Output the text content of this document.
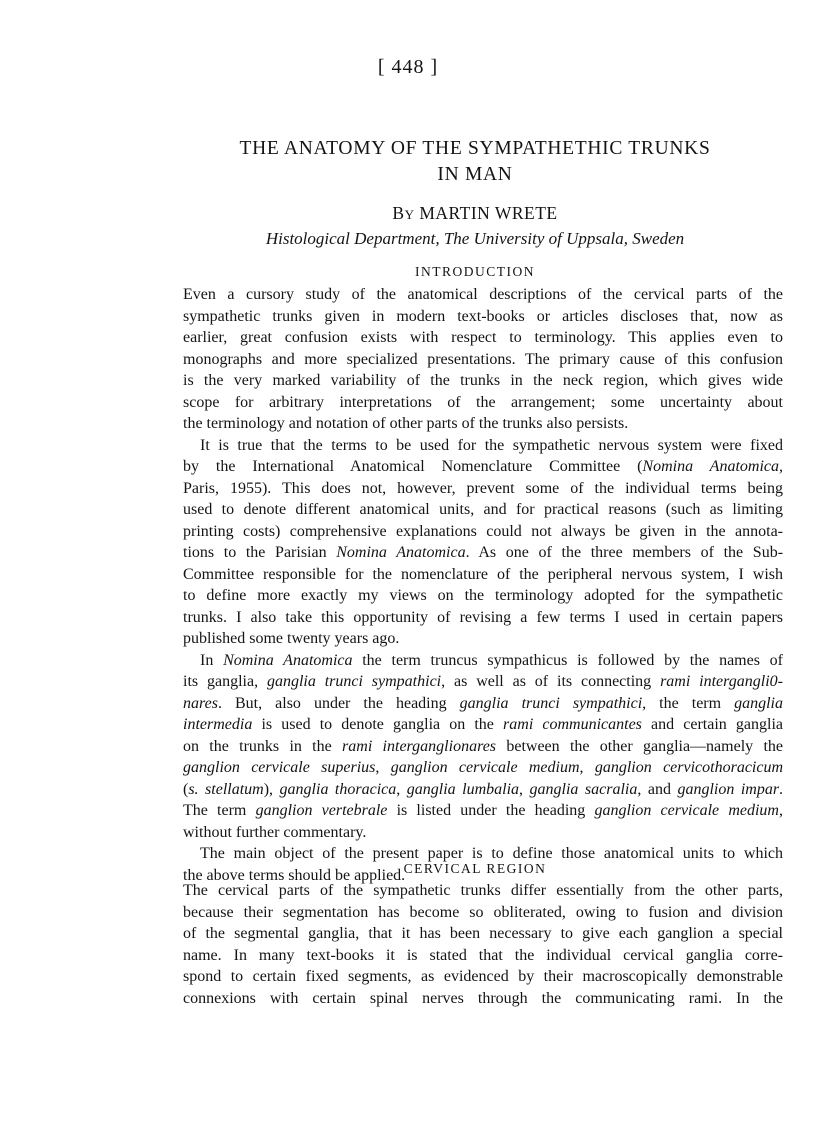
[ 448 ]
THE ANATOMY OF THE SYMPATHETHIC TRUNKS
IN MAN
BY MARTIN WRETE
Histological Department, The University of Uppsala, Sweden
INTRODUCTION
Even a cursory study of the anatomical descriptions of the cervical parts of the
sympathetic trunks given in modern text-books or articles discloses that, now as
earlier, great confusion exists with respect to terminology. This applies even to
monographs and more specialized presentations. The primary cause of this confusion
is the very marked variability of the trunks in the neck region, which gives wide
scope for arbitrary interpretations of the arrangement; some uncertainty about
the terminology and notation of other parts of the trunks also persists.
It is true that the terms to be used for the sympathetic nervous system were fixed
by the International Anatomical Nomenclature Committee (Nomina Anatomica,
Paris, 1955). This does not, however, prevent some of the individual terms being
used to denote different anatomical units, and for practical reasons (such as limiting
printing costs) comprehensive explanations could not always be given in the annota-
tions to the Parisian Nomina Anatomica. As one of the three members of the Sub-
Committee responsible for the nomenclature of the peripheral nervous system, I wish
to define more exactly my views on the terminology adopted for the sympathetic
trunks. I also take this opportunity of revising a few terms I used in certain papers
published some twenty years ago.
In Nomina Anatomica the term truncus sympathicus is followed by the names of
its ganglia, ganglia trunci sympathici, as well as of its connecting rami intergangli0-
nares. But, also under the heading ganglia trunci sympathici, the term ganglia
intermedia is used to denote ganglia on the rami communicantes and certain ganglia
on the trunks in the rami interganglionares between the other ganglia—namely the
ganglion cervicale superius, ganglion cervicale medium, ganglion cervicothoracicum
(s. stellatum), ganglia thoracica, ganglia lumbalia, ganglia sacralia, and ganglion impar.
The term ganglion vertebrale is listed under the heading ganglion cervicale medium,
without further commentary.
The main object of the present paper is to define those anatomical units to which
the above terms should be applied.
CERVICAL REGION
The cervical parts of the sympathetic trunks differ essentially from the other parts,
because their segmentation has become so obliterated, owing to fusion and division
of the segmental ganglia, that it has been necessary to give each ganglion a special
name. In many text-books it is stated that the individual cervical ganglia corre-
spond to certain fixed segments, as evidenced by their macroscopically demonstrable
connexions with certain spinal nerves through the communicating rami. In the
